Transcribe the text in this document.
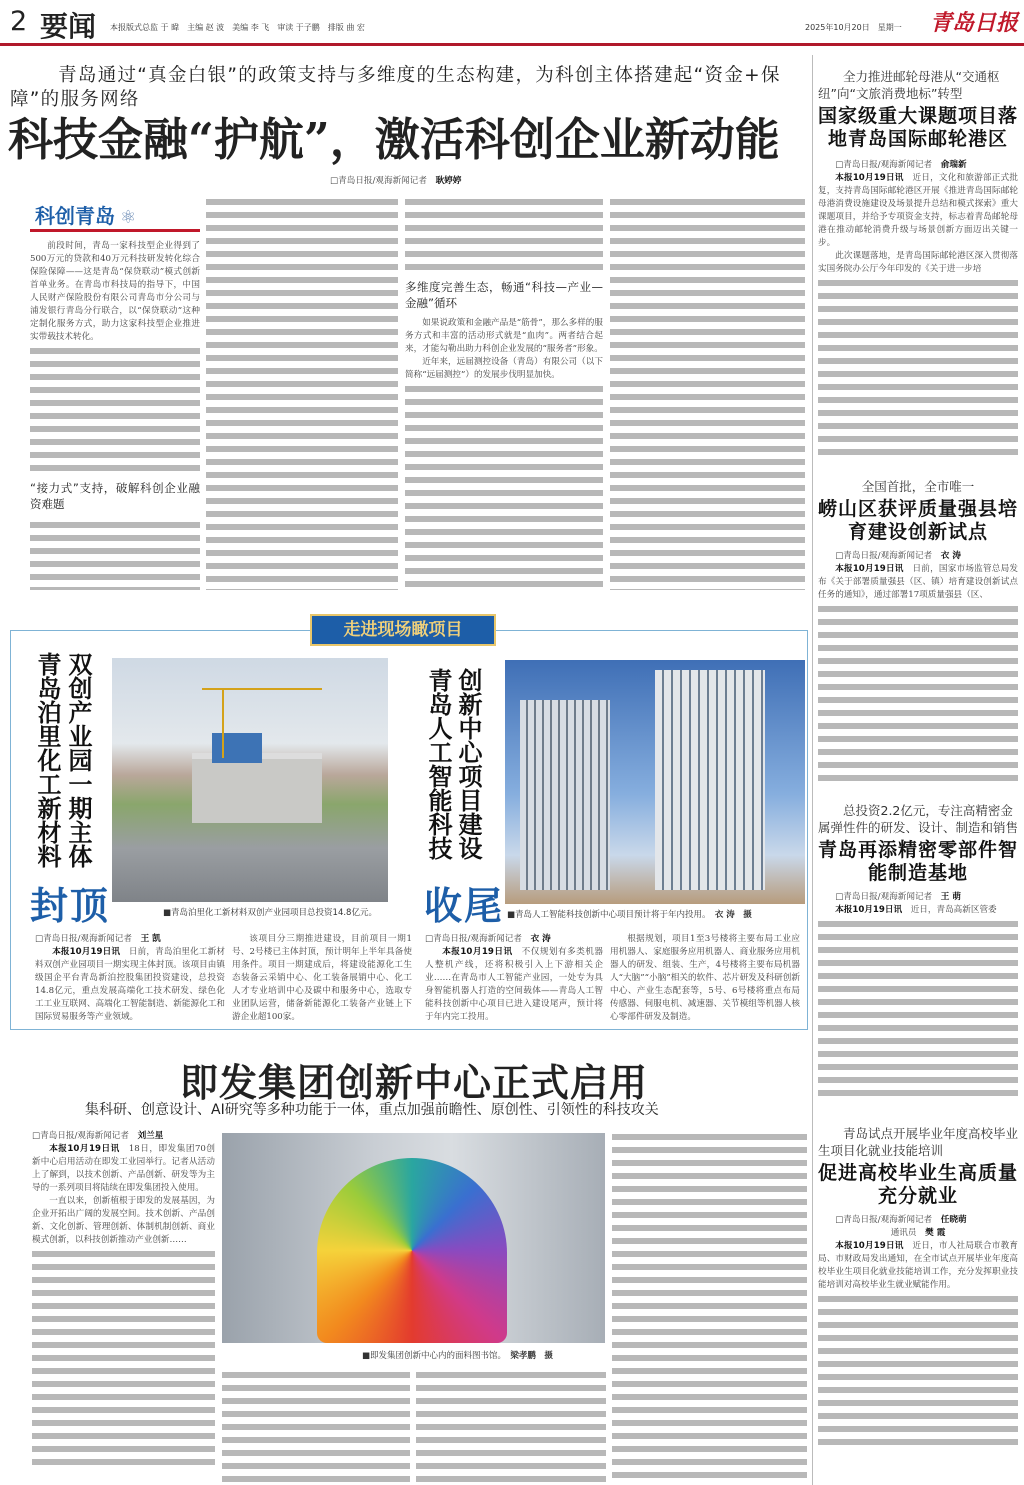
2 要闻 本报版式总监 于 暐　主编 赵 波　美编 李 飞　审读 于子鹏　排版 曲 宏	2025年10月20日　星期一 青岛日报
青岛通过“真金白银”的政策支持与多维度的生态构建，为科创主体搭建起“资金+保障”的服务网络
科技金融“护航”，激活科创企业新动能
□青岛日报/观海新闻记者　 耿婷婷
科创青岛 ⚛

前段时间，青岛一家科技型企业得到了500万元的贷款和40万元科技研发转化综合保险保障——这是青岛“保贷联动”模式创新首单业务。在青岛市科技局的指导下，中国人民财产保险股份有限公司青岛市分公司与浦发银行青岛分行联合，以“保贷联动”这种定制化服务方式，助力这家科技型企业推进实带载技术转化。

“接力式”支持，破解科创企业融资难题
多维度完善生态，畅通“科技—产业—金融”循环

如果说政策和金融产品是“筋骨”，那么多样的服务方式和丰富的活动形式就是“血肉”。两者结合起来，才能勾勒出助力科创企业发展的“服务者”形象。

近年来，远届测控设备（青岛）有限公司（以下简称“远届测控”）的发展步伐明显加快。

走进现场瞰项目
双创产业园一期主体
青岛泊里化工新材料
封顶	■青岛泊里化工新材料双创产业园项目总投资14.8亿元。
创新中心项目建设
青岛人工智能科技
收尾 ■青岛人工智能科技创新中心项目预计将于年内投用。　 衣 涛　摄
□青岛日报/观海新闻记者　 王 凯

本报10月19日讯　 日前，青岛泊里化工新材料双创产业园项目一期实现主体封顶。该项目由镇级国企平台青岛新泊控股集团投资建设，总投资14.8亿元，重点发展高端化工技术研发、绿色化工工业互联网、高端化工智能制造、新能源化工和国际贸易服务等产业领域。

该项目分三期推进建设，目前项目一期1号、2号楼已主体封顶，预计明年上半年具备使用条件。项目一期建成后，将建设能源化工生态装备云采销中心、化工装备展销中心、化工人才专业培训中心及碳中和服务中心，选取专业团队运营，储备新能源化工装备产业链上下游企业超100家。

□青岛日报/观海新闻记者　 衣 涛

本报10月19日讯　 不仅规划有多类机器人整机产线，还将积极引入上下游相关企业……在青岛市人工智能产业园，一处专为具身智能机器人打造的空间载体——青岛人工智能科技创新中心项目已进入建设尾声，预计将于年内完工投用。

根据规划，项目1至3号楼将主要布局工业应用机器人、家庭服务应用机器人、商业服务应用机器人的研发、组装、生产，4号楼将主要布局机器人“大脑”“小脑”相关的软件、芯片研发及科研创新中心、产业生态配套等，5号、6号楼将重点布局传感器、伺服电机、减速器、关节模组等机器人核心零部件研发及制造。

即发集团创新中心正式启用
集科研、创意设计、AI研究等多种功能于一体，重点加强前瞻性、原创性、引领性的科技攻关
□青岛日报/观海新闻记者　 刘兰星

本报10月19日讯　 18日，即发集团70创新中心启用活动在即发工业园举行。记者从活动上了解到，以技术创新、产品创新、研发等为主导的一系列项目将陆续在即发集团投入使用。

一直以来，创新植根于即发的发展基因，为企业开拓出广阔的发展空间。技术创新、产品创新、文化创新、管理创新、体制机制创新、商业模式创新，以科技创新推动产业创新……

■即发集团创新中心内的面料图书馆。　 梁孝鹏　摄
全力推进邮轮母港从“交通枢纽”向“文旅消费地标”转型
国家级重大课题项目落地青岛国际邮轮港区
□青岛日报/观海新闻记者　 俞瑞新

本报10月19日讯　 近日，文化和旅游部正式批复，支持青岛国际邮轮港区开展《推进青岛国际邮轮母港消费设施建设及场景提升总结和模式探索》重大课题项目，并给予专项资金支持，标志着青岛邮轮母港在推动邮轮消费升级与场景创新方面迈出关键一步。

此次课题落地，是青岛国际邮轮港区深入贯彻落实国务院办公厅今年印发的《关于进一步培

全国首批，全市唯一
崂山区获评质量强县培育建设创新试点
□青岛日报/观海新闻记者　 衣 涛

本报10月19日讯　 日前，国家市场监管总局发布《关于部署质量强县（区、镇）培育建设创新试点任务的通知》，通过部署17项质量强县（区、

总投资2.2亿元，专注高精密金属弹性件的研发、设计、制造和销售
青岛再添精密零部件智能制造基地
□青岛日报/观海新闻记者　 王 萌

本报10月19日讯　 近日，青岛高新区管委

青岛试点开展毕业年度高校毕业生项目化就业技能培训
促进高校毕业生高质量充分就业
□青岛日报/观海新闻记者　 任晓萌
通讯员　 樊 霞

本报10月19日讯　 近日，市人社局联合市教育局、市财政局发出通知，在全市试点开展毕业年度高校毕业生项目化就业技能培训工作，充分发挥职业技能培训对高校毕业生就业赋能作用。
